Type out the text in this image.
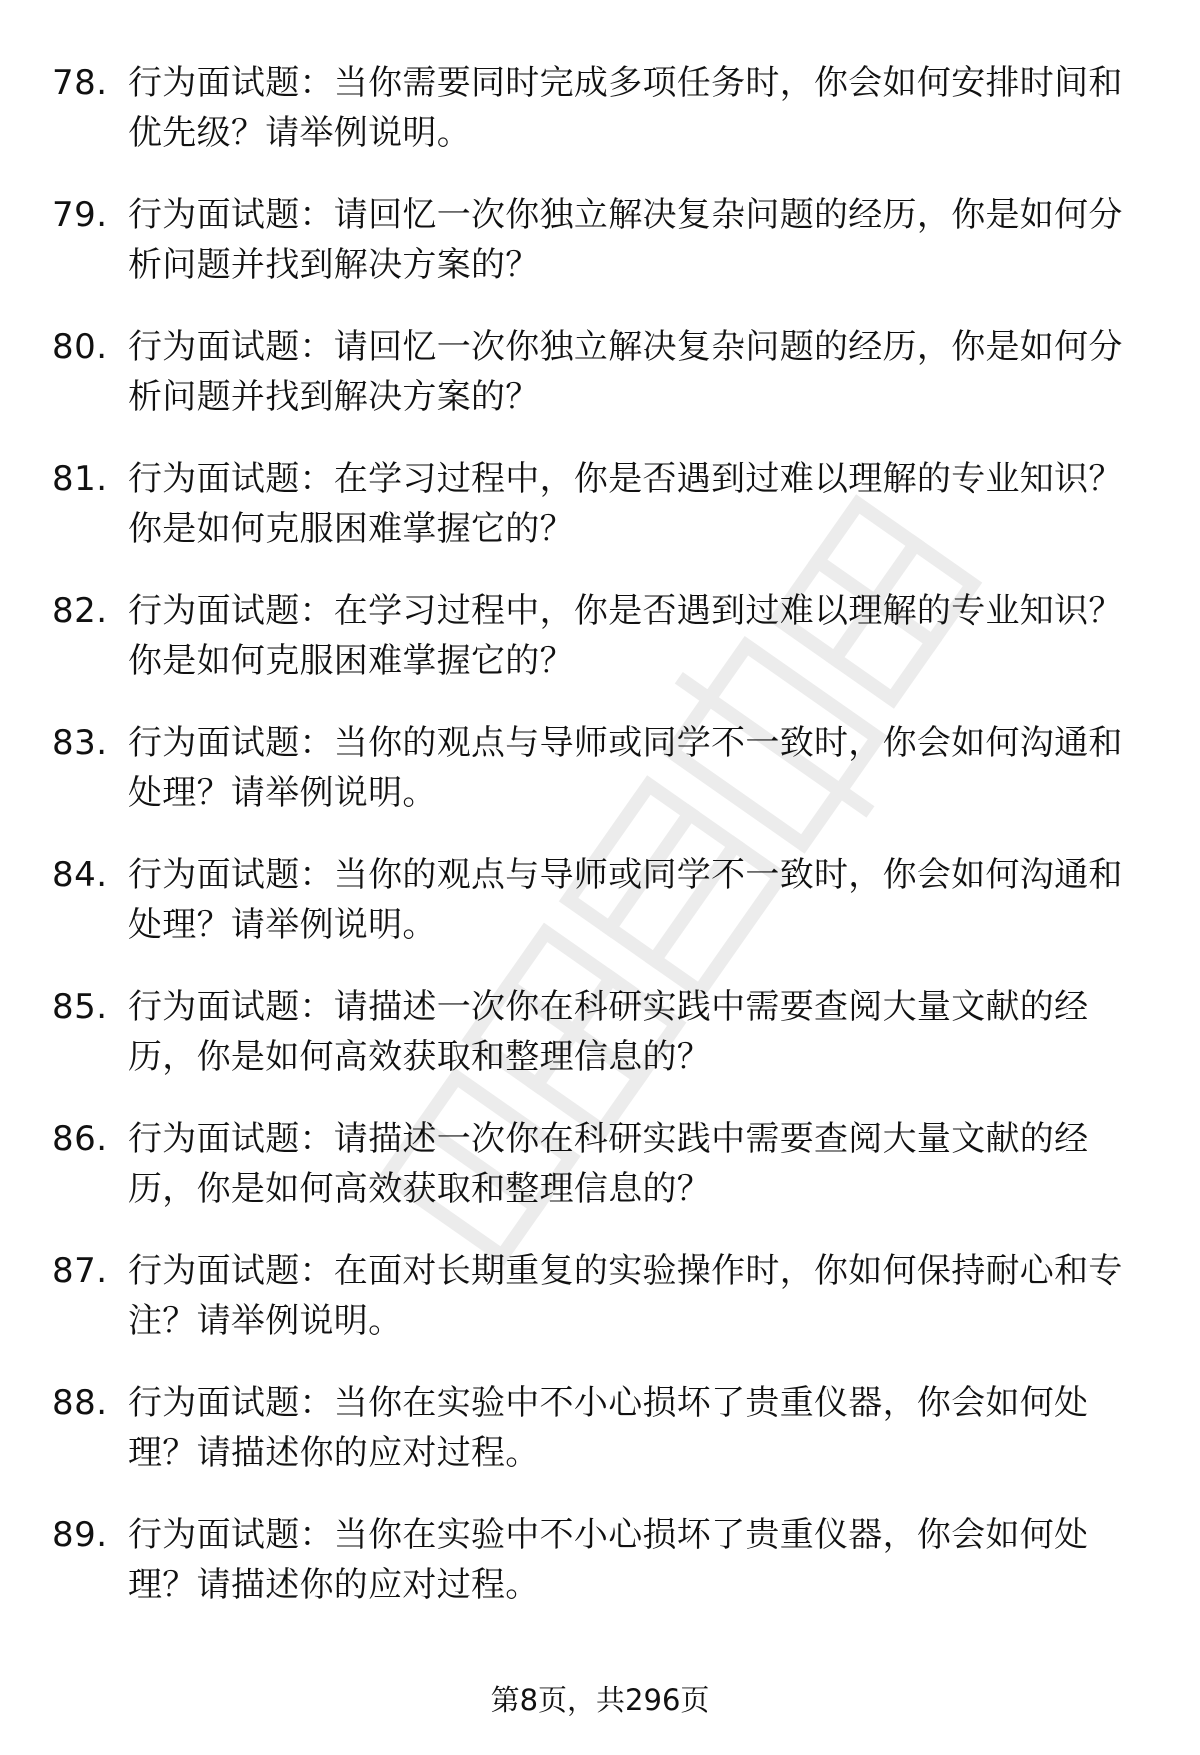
78. 行为面试题：当你需要同时完成多项任务时，你会如何安排时间和优先级？请举例说明。
79. 行为面试题：请回忆一次你独立解决复杂问题的经历，你是如何分析问题并找到解决方案的？
80. 行为面试题：请回忆一次你独立解决复杂问题的经历，你是如何分析问题并找到解决方案的？
81. 行为面试题：在学习过程中，你是否遇到过难以理解的专业知识？你是如何克服困难掌握它的？
82. 行为面试题：在学习过程中，你是否遇到过难以理解的专业知识？你是如何克服困难掌握它的？
83. 行为面试题：当你的观点与导师或同学不一致时，你会如何沟通和处理？请举例说明。
84. 行为面试题：当你的观点与导师或同学不一致时，你会如何沟通和处理？请举例说明。
85. 行为面试题：请描述一次你在科研实践中需要查阅大量文献的经历，你是如何高效获取和整理信息的？
86. 行为面试题：请描述一次你在科研实践中需要查阅大量文献的经历，你是如何高效获取和整理信息的？
87. 行为面试题：在面对长期重复的实验操作时，你如何保持耐心和专注？请举例说明。
88. 行为面试题：当你在实验中不小心损坏了贵重仪器，你会如何处理？请描述你的应对过程。
89. 行为面试题：当你在实验中不小心损坏了贵重仪器，你会如何处理？请描述你的应对过程。
第8页，共296页
